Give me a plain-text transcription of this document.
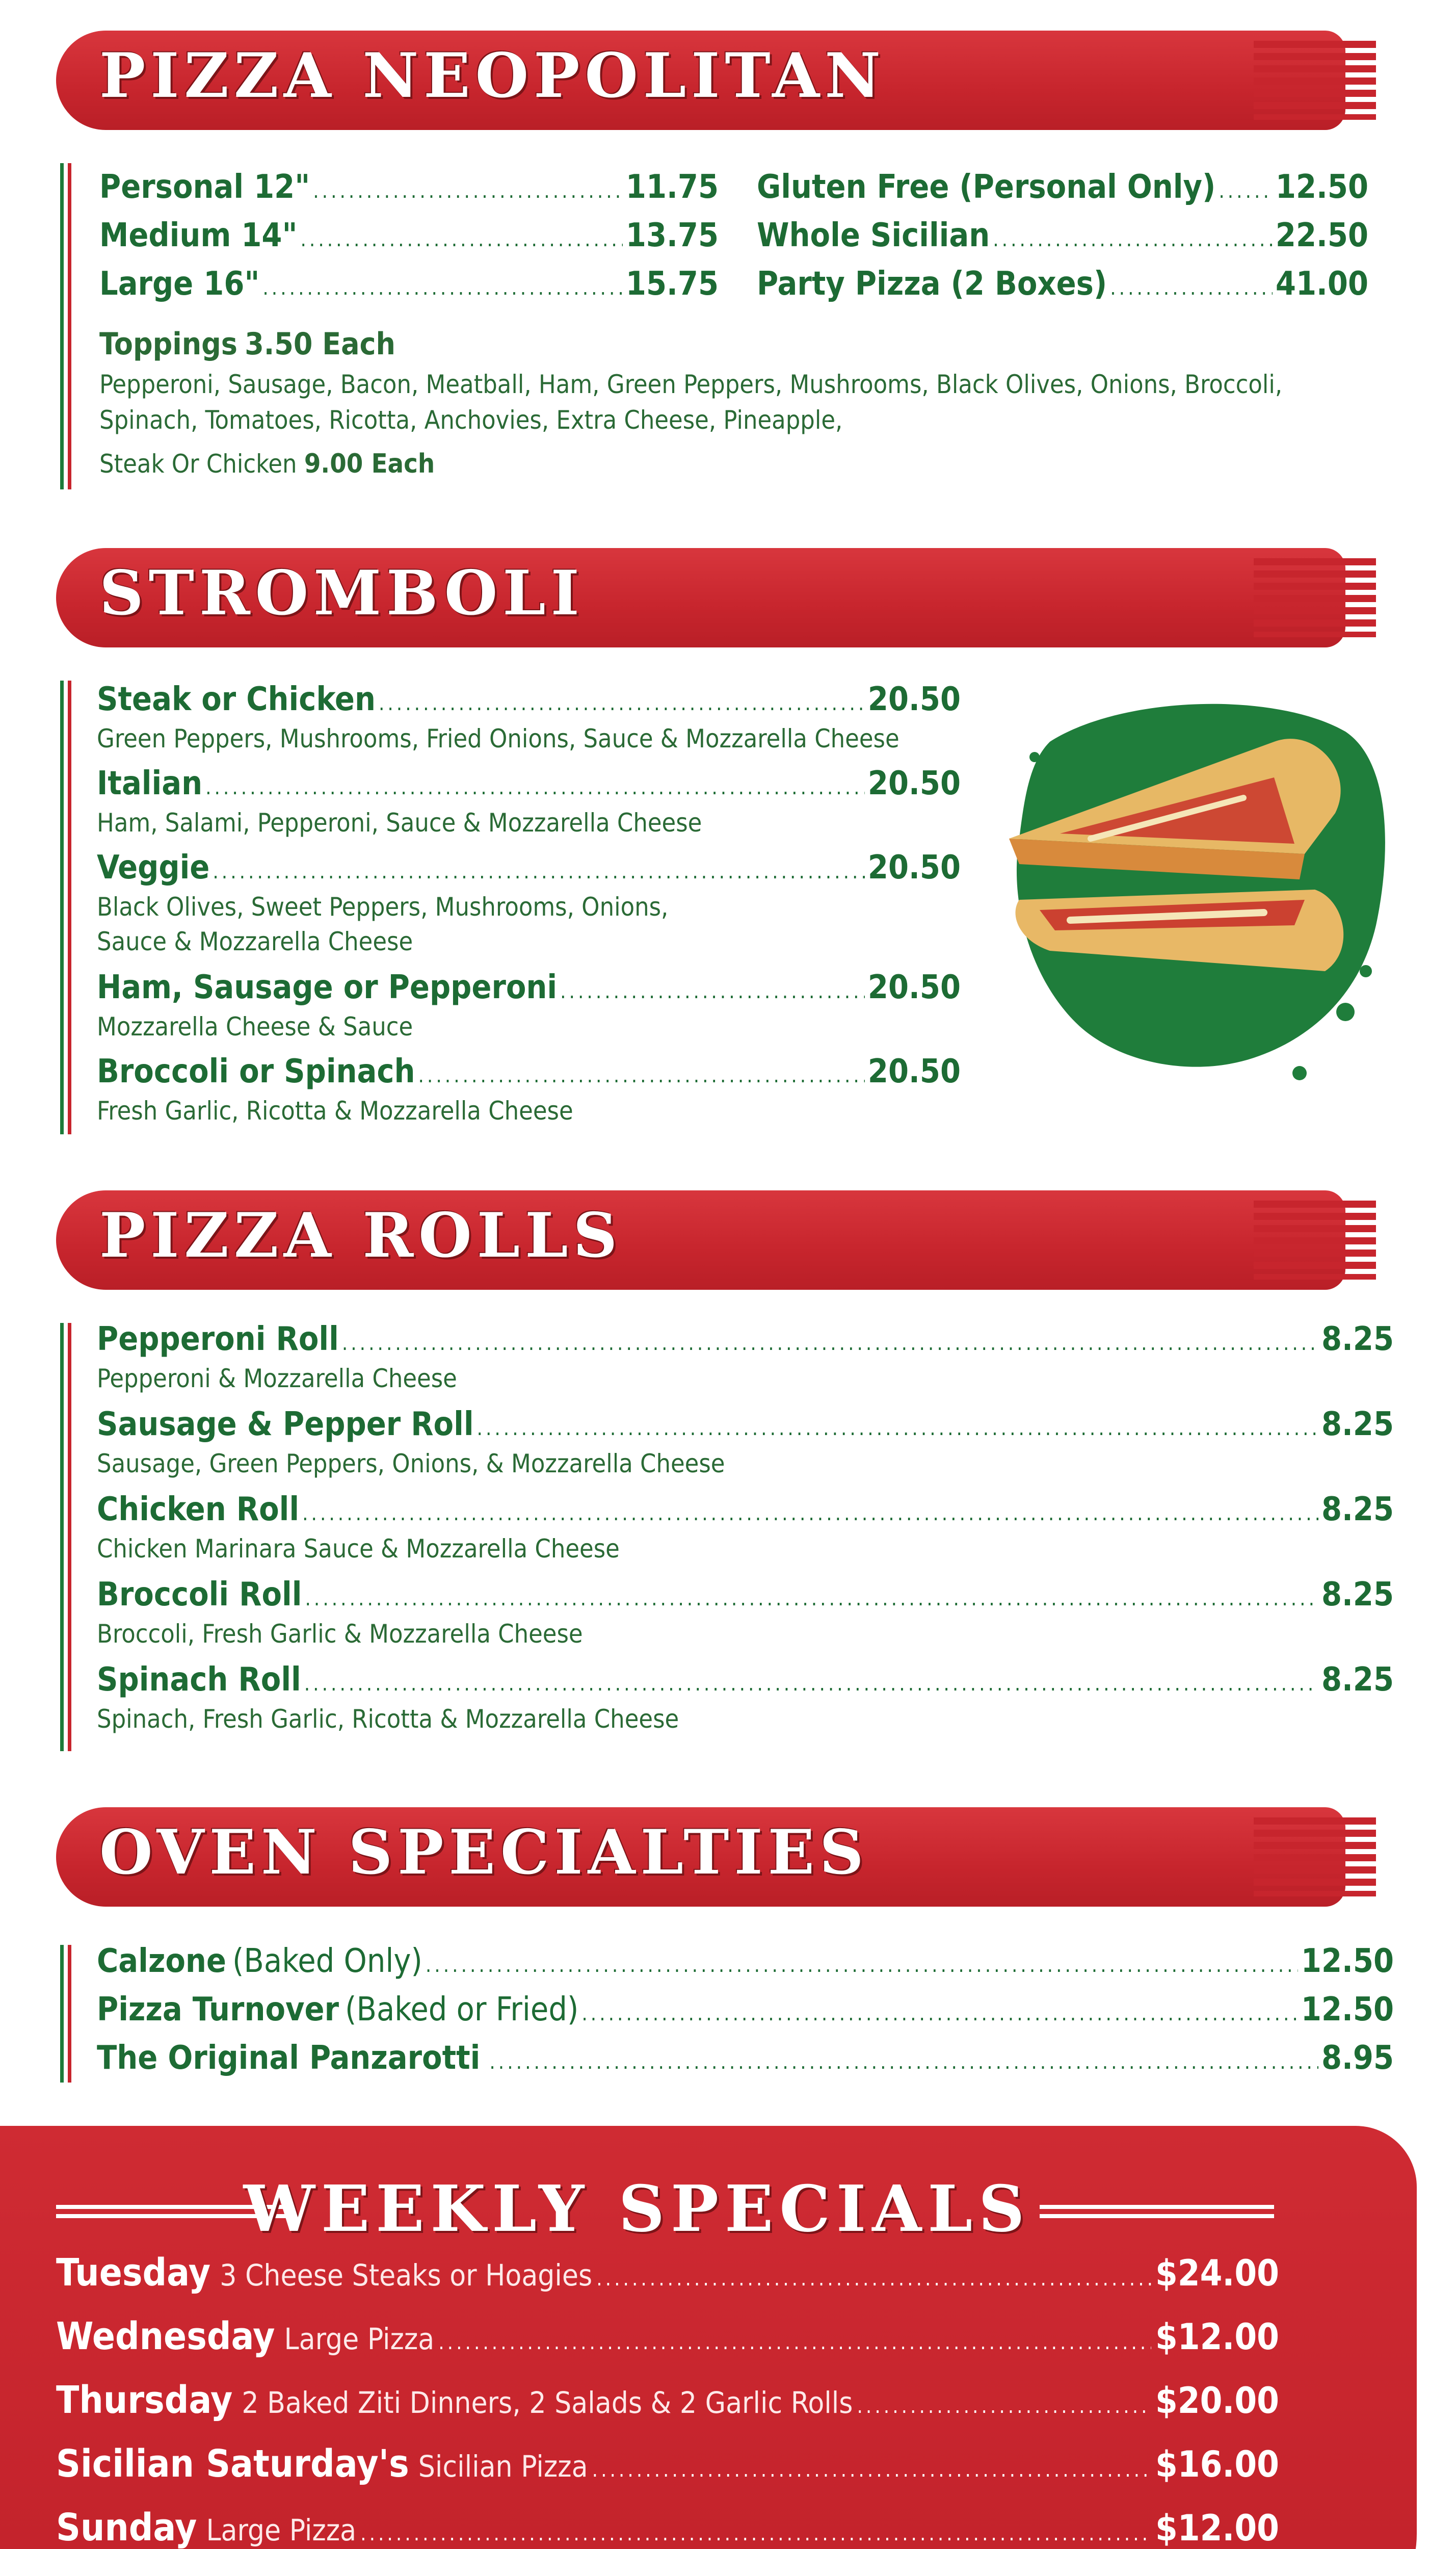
PIZZA NEOPOLITAN
Personal 12" .....	11.75
Medium 14" .....	13.75
Large 16" .....	15.75
Gluten Free (Personal Only) ..... 12.50
Whole Sicilian .....	22.50
Party Pizza (2 Boxes) .....	41.00
Toppings 3.50 Each
Pepperoni, Sausage, Bacon, Meatball, Ham, Green Peppers, Mushrooms, Black Olives, Onions, Broccoli,
Spinach, Tomatoes, Ricotta, Anchovies, Extra Cheese, Pineapple,
Steak Or Chicken 9.00 Each
STROMBOLI
Steak or Chicken .....	20.50
Green Peppers, Mushrooms, Fried Onions, Sauce & Mozzarella Cheese
Italian .....	20.50
Ham, Salami, Pepperoni, Sauce & Mozzarella Cheese
Veggie .....	20.50
Black Olives, Sweet Peppers, Mushrooms, Onions,
Sauce & Mozzarella Cheese
Ham, Sausage or Pepperoni .....	20.50
Mozzarella Cheese & Sauce
Broccoli or Spinach .....	20.50
Fresh Garlic, Ricotta & Mozzarella Cheese
PIZZA ROLLS
Pepperoni Roll .....	8.25
Pepperoni & Mozzarella Cheese
Sausage & Pepper Roll .....	8.25
Sausage, Green Peppers, Onions, & Mozzarella Cheese
Chicken Roll .....	8.25
Chicken Marinara Sauce & Mozzarella Cheese
Broccoli Roll .....	8.25
Broccoli, Fresh Garlic & Mozzarella Cheese
Spinach Roll .....	8.25
Spinach, Fresh Garlic, Ricotta & Mozzarella Cheese
OVEN SPECIALTIES
Calzone (Baked Only) .....	12.50
Pizza Turnover (Baked or Fried) .....	12.50
The Original Panzarotti .....	8.95
WEEKLY SPECIALS
Tuesday 3 Cheese Steaks or Hoagies .....	$24.00
Wednesday Large Pizza .....	$12.00
Thursday 2 Baked Ziti Dinners, 2 Salads & 2 Garlic Rolls .....	$20.00
Sicilian Saturday's Sicilian Pizza .....	$16.00
Sunday Large Pizza .....	$12.00
